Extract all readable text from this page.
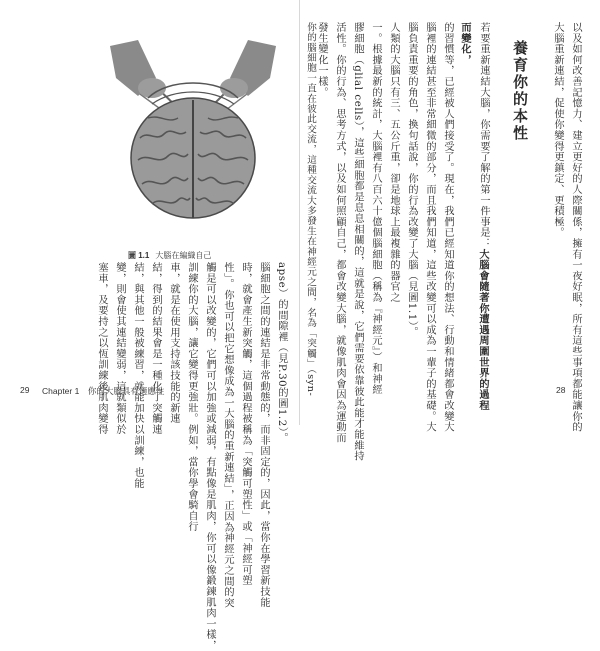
以及如何改善記憶力、建立更好的人際關係，擁有一夜好眠，所有這些事項都能讓你的
大腦重新連結，促使你變得更鎮定、更積極。
養育你的本性
若要重新連結大腦，你需要了解的第一件事是：大腦會隨著你遭遇周圍世界的過程
而變化，
的習慣等，已經被人們接受了。現在，我們已經知道你的想法、行動和情緒都會改變大
腦裡的連結甚至非常細微的部分，而且我們知道，這些改變可以成為一輩子的基礎。大
腦負責重要的角色，換句話說，你的行為改變了大腦（見圖1.1）。
人類的大腦只有三、五公斤重，卻是地球上最複雜的器官之
一。根據最新的統計，大腦裡有八百六十億個腦細胞（稱為『神經元』）和神經
膠細胞（glial cells），這些細胞都是息息相關的，這就是說，它們需要依靠彼此能才能維持
活性。你的行為、思考方式，以及如何照顧自己，都會改變大腦，就像肌肉會因為運動而
發生變化一樣。
28
你的腦細胞一直在彼此交流，這種交流大多發生在神經元之間，名為「突觸」（syn-
圖 1.1 大腦在編織自己
apse）的間隙裡（見P.30的圖1.2）。
腦細胞之間的連結是非常動態的，而非固定的，因此，當你在學習新技能
時，就會產生新突觸，這個過程被稱為「突觸可塑性」或「神經可塑
性」。你也可以把它想像成為一大腦的重新連結」，正因為神經元之間的突
觸是可以改變的，它們可以加強或減弱，有點像是肌肉，你可以像鍛鍊肌肉一樣，
訓練你的大腦，讓它變得更強壯。例如，當你學會騎自行
車，就是在使用支持該技能的新連
結，得到的結果會是一種化了突觸連
結，與其他一般被練習，就能加快以訓練，也能
變，則會使其連結變弱，這就類似於
塞車，及要持之以恆訓練後肌肉變得
29 Chapter 1　你的大腦具有適應性
